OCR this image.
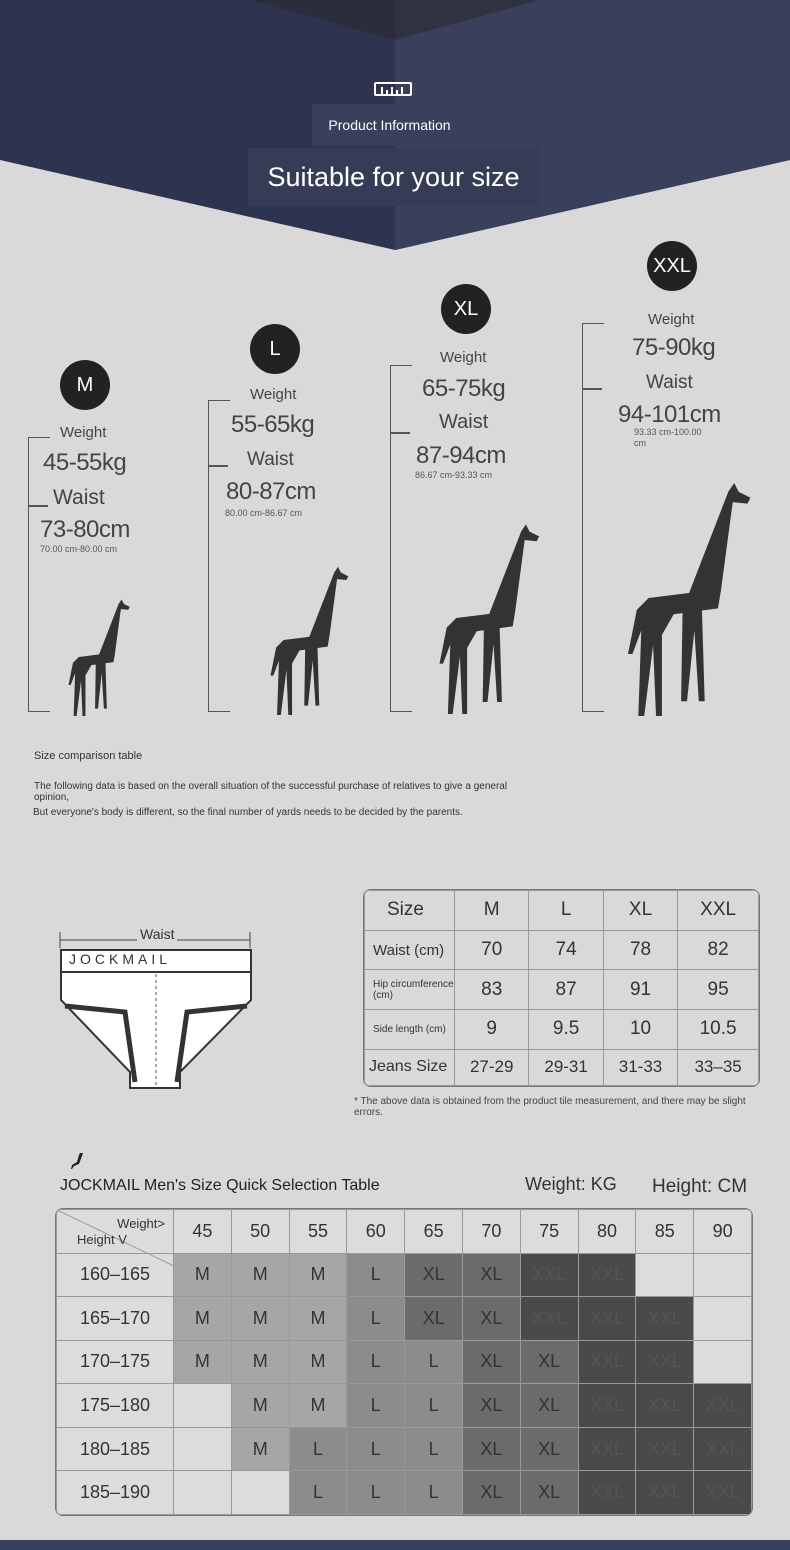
Product Information
Suitable for your size
M
Weight
45-55kg
Waist
73-80cm
70.00 cm-80.00 cm
L
Weight
55-65kg
Waist
80-87cm
80.00 cm-86.67 cm
XL
Weight
65-75kg
Waist
87-94cm
86.67 cm-93.33 cm
XXL
Weight
75-90kg
Waist
94-101cm
93.33 cm-100.00 cm
Size comparison table
The following data is based on the overall situation of the successful purchase of relatives to give a general opinion,
But everyone's body is different, so the final number of yards needs to be decided by the parents.
Waist
JOCKMAIL
Size	M	L	XL	XXL
Waist (cm)	70	74	78	82
Hip circumference (cm)	83	87	91	95
Side length (cm)	9	9.5	10	10.5
Jeans Size	27-29	29-31	31-33	33–35
* The above data is obtained from the product tile measurement, and there may be slight errors.
JOCKMAIL Men's Size Quick Selection Table	Weight: KG Height: CM
Weight>
Height V	45	50	55	60	65	70	75	80	85	90
160–165	M	M	M	L	XL	XL	XXL	XXL		
165–170	M	M	M	L	XL	XL	XXL	XXL	XXL	
170–175	M	M	M	L	L	XL	XL	XXL	XXL	
175–180		M	M	L	L	XL	XL	XXL	XXL	XXL
180–185		M	L	L	L	XL	XL	XXL	XXL	XXL
185–190			L	L	L	XL	XL	XXL	XXL	XXL
